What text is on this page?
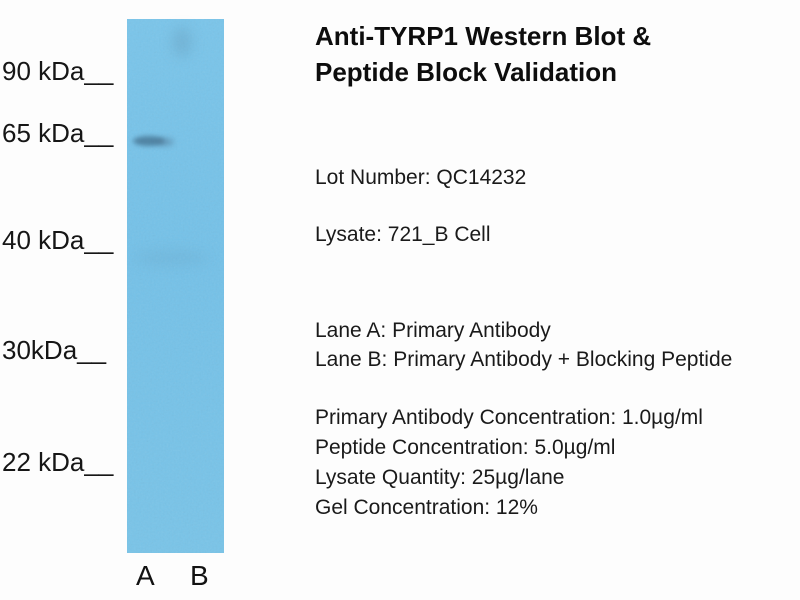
90 kDa__
65 kDa__
40 kDa__
30kDa__
22 kDa__
A B
Anti-TYRP1 Western Blot &
Peptide Block Validation
Lot Number: QC14232
Lysate: 721_B Cell
Lane A: Primary Antibody
Lane B: Primary Antibody + Blocking Peptide
Primary Antibody Concentration: 1.0µg/ml
Peptide Concentration: 5.0µg/ml
Lysate Quantity: 25µg/lane
Gel Concentration: 12%
